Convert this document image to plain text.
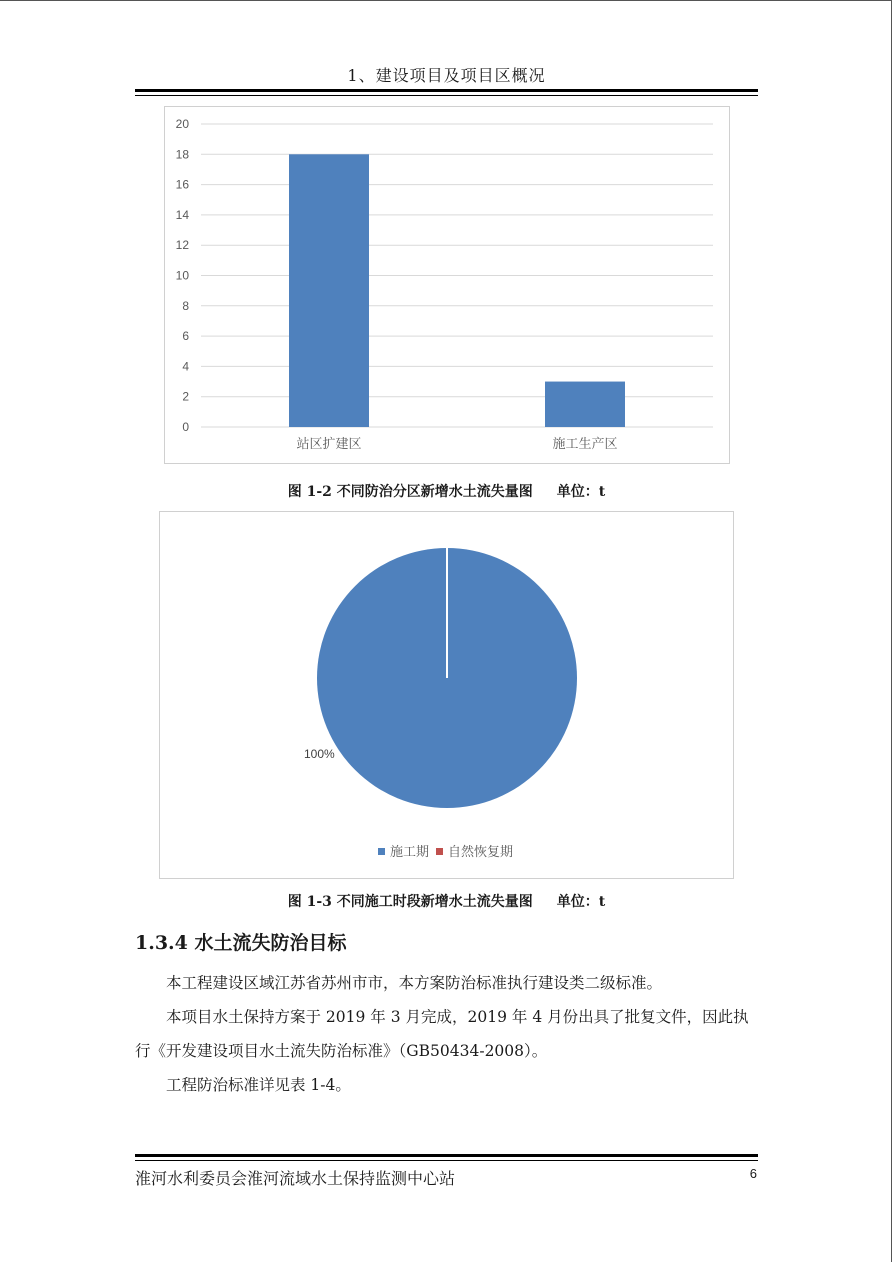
1、建设项目及项目区概况
0
2
4
6
8
10
12
14
16
18
20
站区扩建区	施工生产区
图 1-2 不同防治分区新增水土流失量图 单位：t
100%
施工期 自然恢复期
图 1-3 不同施工时段新增水土流失量图 单位：t
1.3.4 水土流失防治目标
本工程建设区域江苏省苏州市市，本方案防治标准执行建设类二级标准。
本项目水土保持方案于 2019 年 3 月完成，2019 年 4 月份出具了批复文件，因此执行《开发建设项目水土流失防治标准》（GB50434-2008）。
工程防治标准详见表 1-4。
淮河水利委员会淮河流域水土保持监测中心站	6
